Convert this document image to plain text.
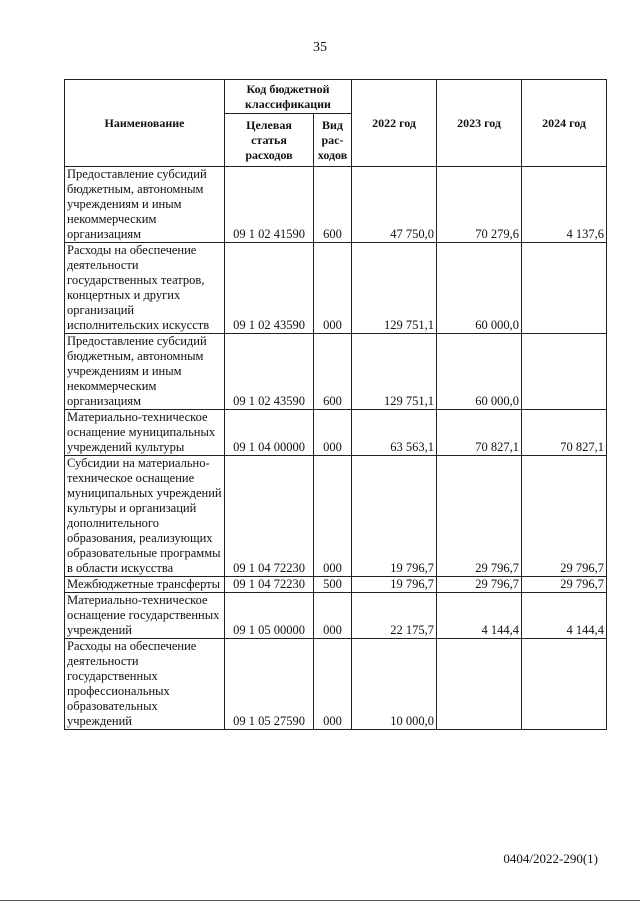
35
Наименование	Код бюджетной классификации		2022 год	2023 год	2024 год
	Целевая статья расходов	Вид рас-ходов			
Предоставление субсидий бюджетным, автономным учреждениям и иным некоммерческим организациям	09 1 02 41590	600	47 750,0	70 279,6	4 137,6
Расходы на обеспечение деятельности государственных театров, концертных и других организаций исполнительских искусств	09 1 02 43590	000	129 751,1	60 000,0	
Предоставление субсидий бюджетным, автономным учреждениям и иным некоммерческим организациям	09 1 02 43590	600	129 751,1	60 000,0	
Материально-техническое оснащение муниципальных учреждений культуры	09 1 04 00000	000	63 563,1	70 827,1	70 827,1
Субсидии на материально-техническое оснащение муниципальных учреждений культуры и организаций дополнительного образования, реализующих образовательные программы в области искусства	09 1 04 72230	000	19 796,7	29 796,7	29 796,7
Межбюджетные трансферты	09 1 04 72230	500	19 796,7	29 796,7	29 796,7
Материально-техническое оснащение государственных учреждений	09 1 05 00000	000	22 175,7	4 144,4	4 144,4
Расходы на обеспечение деятельности государственных профессиональных образовательных учреждений	09 1 05 27590	000	10 000,0		
0404/2022-290(1)
